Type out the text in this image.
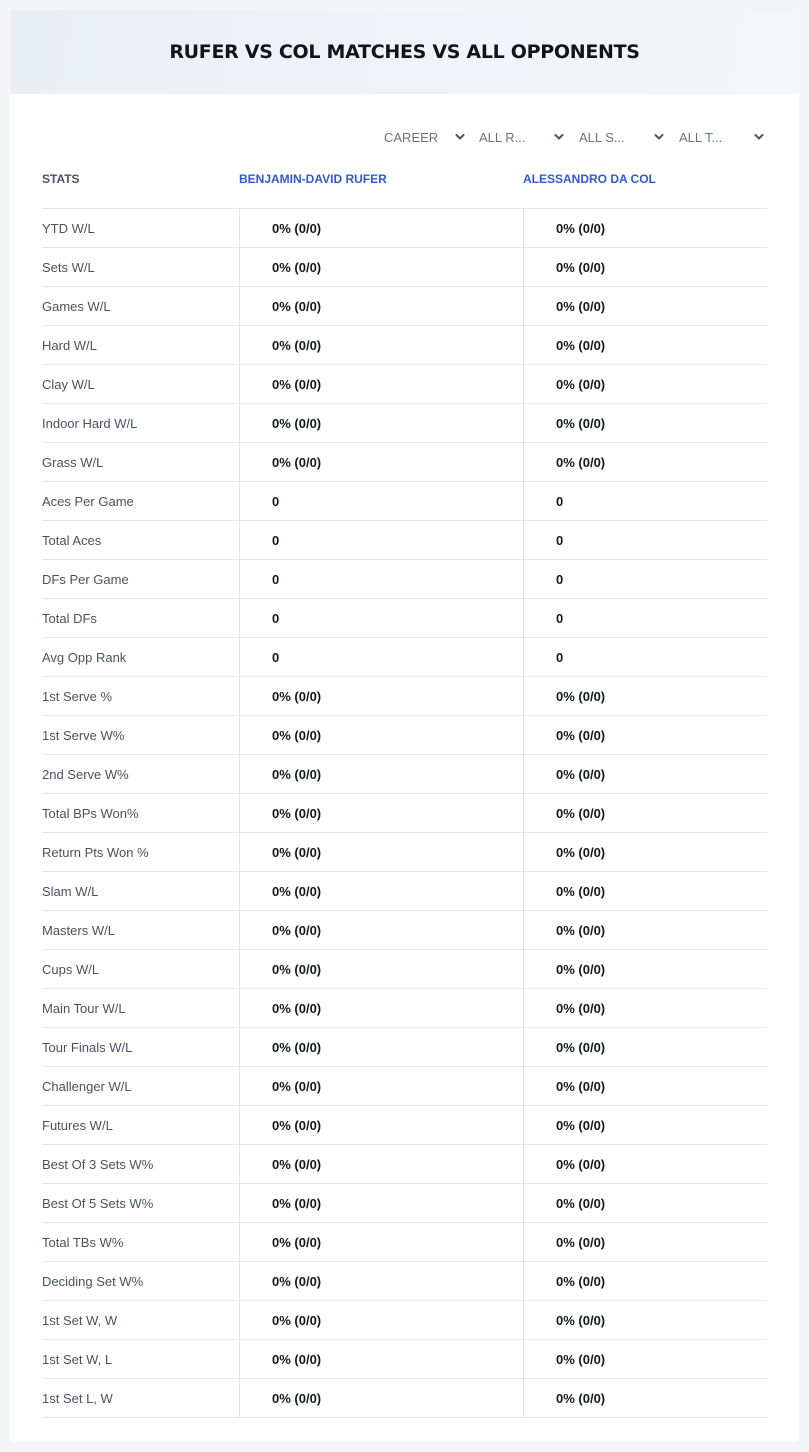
RUFER VS COL MATCHES VS ALL OPPONENTS
CAREER	ALL R...	ALL S...	ALL T...
STATS	BENJAMIN-DAVID RUFER	ALESSANDRO DA COL
YTD W/L	0% (0/0)	0% (0/0)
Sets W/L	0% (0/0)	0% (0/0)
Games W/L	0% (0/0)	0% (0/0)
Hard W/L	0% (0/0)	0% (0/0)
Clay W/L	0% (0/0)	0% (0/0)
Indoor Hard W/L	0% (0/0)	0% (0/0)
Grass W/L	0% (0/0)	0% (0/0)
Aces Per Game	0	0
Total Aces	0	0
DFs Per Game	0	0
Total DFs	0	0
Avg Opp Rank	0	0
1st Serve %	0% (0/0)	0% (0/0)
1st Serve W%	0% (0/0)	0% (0/0)
2nd Serve W%	0% (0/0)	0% (0/0)
Total BPs Won%	0% (0/0)	0% (0/0)
Return Pts Won %	0% (0/0)	0% (0/0)
Slam W/L	0% (0/0)	0% (0/0)
Masters W/L	0% (0/0)	0% (0/0)
Cups W/L	0% (0/0)	0% (0/0)
Main Tour W/L	0% (0/0)	0% (0/0)
Tour Finals W/L	0% (0/0)	0% (0/0)
Challenger W/L	0% (0/0)	0% (0/0)
Futures W/L	0% (0/0)	0% (0/0)
Best Of 3 Sets W%	0% (0/0)	0% (0/0)
Best Of 5 Sets W%	0% (0/0)	0% (0/0)
Total TBs W%	0% (0/0)	0% (0/0)
Deciding Set W%	0% (0/0)	0% (0/0)
1st Set W, W	0% (0/0)	0% (0/0)
1st Set W, L	0% (0/0)	0% (0/0)
1st Set L, W	0% (0/0)	0% (0/0)
